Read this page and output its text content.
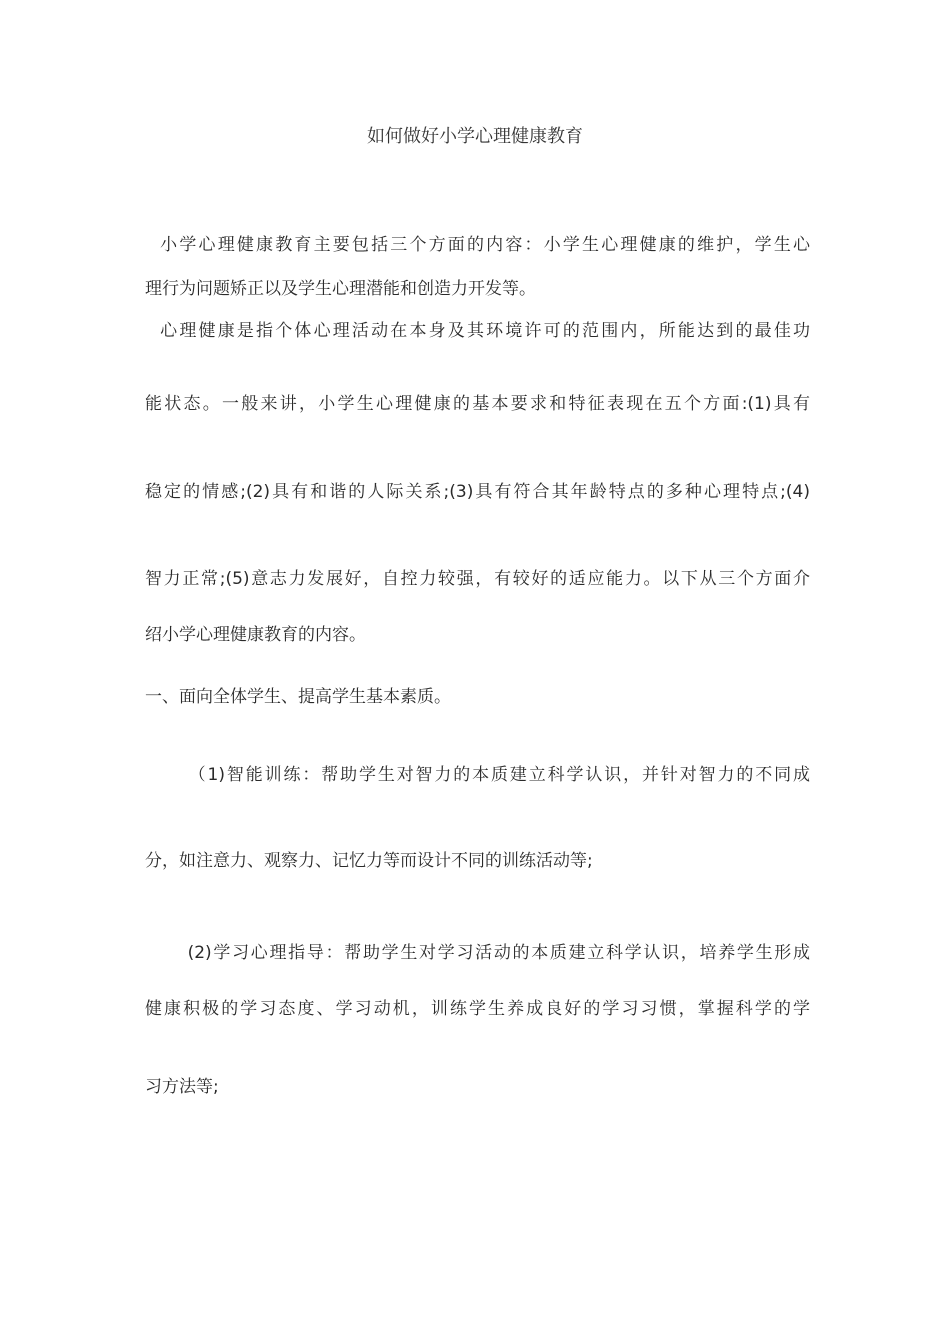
如何做好小学心理健康教育
小学心理健康教育主要包括三个方面的内容：小学生心理健康的维护，学生心
理行为问题矫正以及学生心理潜能和创造力开发等。
心理健康是指个体心理活动在本身及其环境许可的范围内，所能达到的最佳功
能状态。一般来讲，小学生心理健康的基本要求和特征表现在五个方面:(1)具有
稳定的情感;(2)具有和谐的人际关系;(3)具有符合其年龄特点的多种心理特点;(4)
智力正常;(5)意志力发展好，自控力较强，有较好的适应能力。以下从三个方面介
绍小学心理健康教育的内容。
一、面向全体学生、提高学生基本素质。
（1)智能训练：帮助学生对智力的本质建立科学认识，并针对智力的不同成
分，如注意力、观察力、记忆力等而设计不同的训练活动等;
(2)学习心理指导：帮助学生对学习活动的本质建立科学认识，培养学生形成
健康积极的学习态度、学习动机，训练学生养成良好的学习习惯，掌握科学的学
习方法等;
